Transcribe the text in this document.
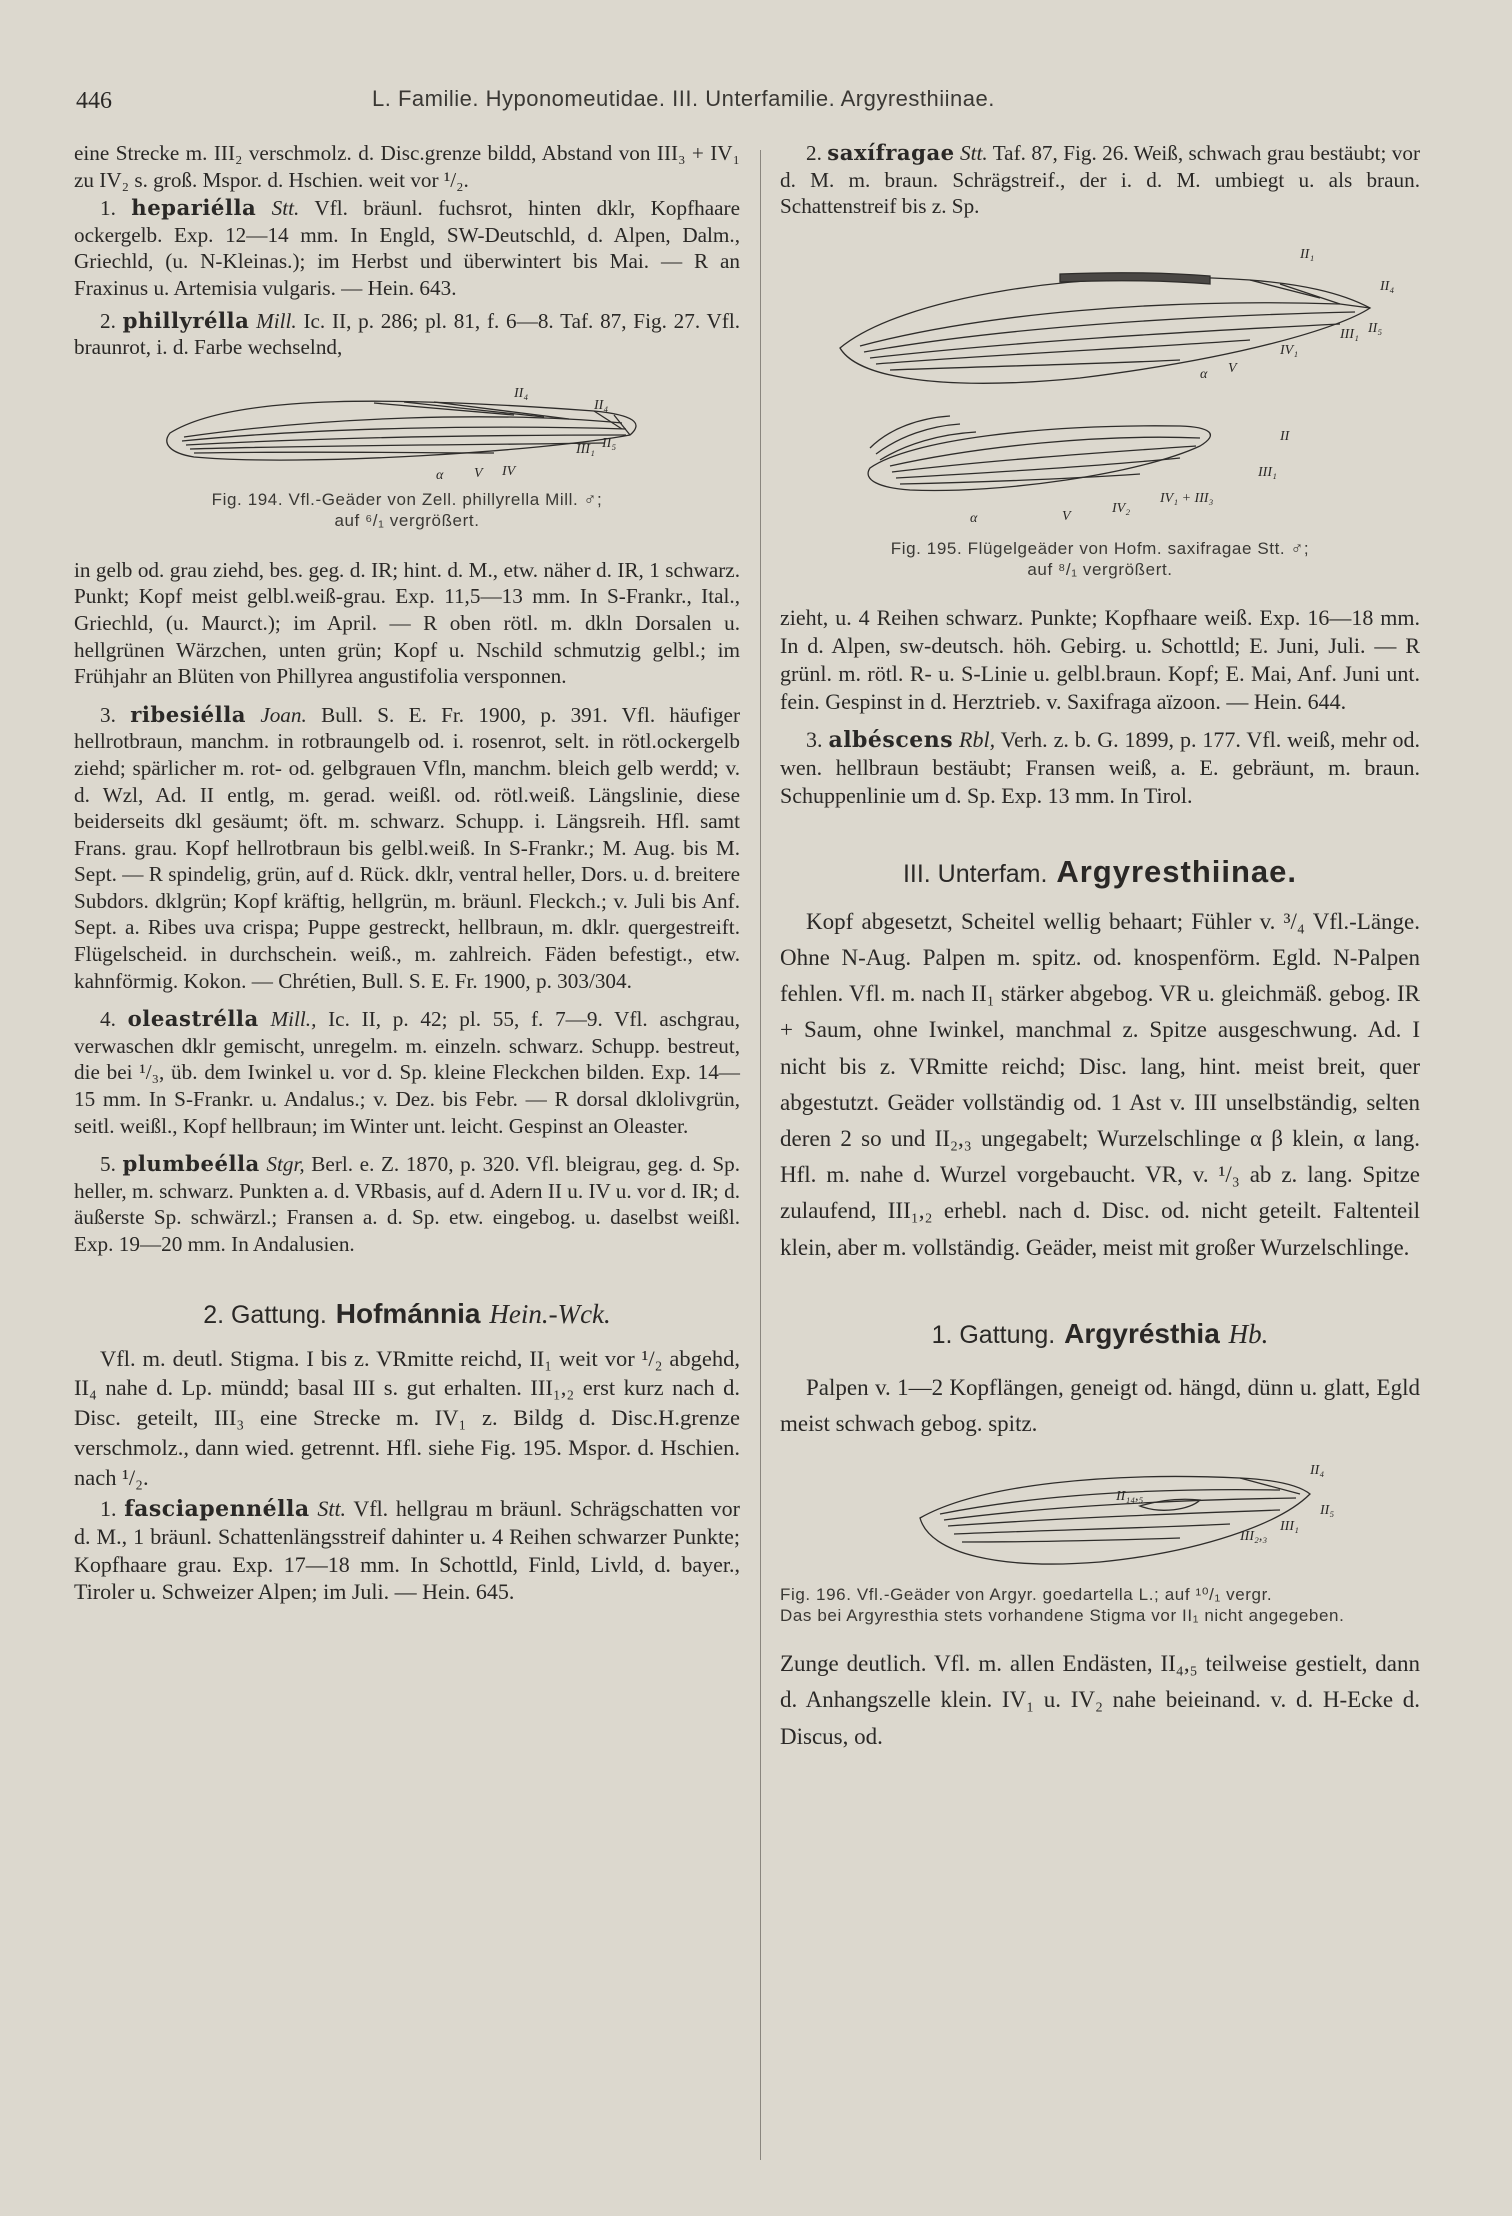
446	L. Familie. Hyponomeutidae. III. Unterfamilie. Argyresthiinae.

eine Strecke m. III₂ verschmolz. d. Disc.grenze bildd, Abstand von III₃ + IV₁ zu IV₂ s. groß. Mspor. d. Hschien. weit vor ¹/₂.

1. hepariélla Stt. Vfl. bräunl. fuchsrot, hinten dklr, Kopfhaare ockergelb. Exp. 12—14 mm. In Engld, SW-Deutschld, d. Alpen, Dalm., Griechld, (u. N-Kleinas.); im Herbst und überwintert bis Mai. — R an Fraxinus u. Artemisia vulgaris. — Hein. 643.

2. phillyrélla Mill. Ic. II, p. 286; pl. 81, f. 6—8. Taf. 87, Fig. 27. Vfl. braunrot, i. d. Farbe wechselnd,

II₄
II₄
III₁ II₅
α V IV
Fig. 194. Vfl.-Geäder von Zell. phillyrella Mill. ♂;
auf ⁶/₁ vergrößert.

in gelb od. grau ziehd, bes. geg. d. IR; hint. d. M., etw. näher d. IR, 1 schwarz. Punkt; Kopf meist gelbl.weiß-grau. Exp. 11,5—13 mm. In S-Frankr., Ital., Griechld, (u. Maurct.); im April. — R oben rötl. m. dkln Dorsalen u. hellgrünen Wärzchen, unten grün; Kopf u. Nschild schmutzig gelbl.; im Frühjahr an Blüten von Phillyrea angustifolia versponnen.

3. ribesiélla Joan. Bull. S. E. Fr. 1900, p. 391. Vfl. häufiger hellrotbraun, manchm. in rotbraungelb od. i. rosenrot, selt. in rötl.ockergelb ziehd; spärlicher m. rot- od. gelbgrauen Vfln, manchm. bleich gelb werdd; v. d. Wzl, Ad. II entlg, m. gerad. weißl. od. rötl.weiß. Längslinie, diese beiderseits dkl gesäumt; öft. m. schwarz. Schupp. i. Längsreih. Hfl. samt Frans. grau. Kopf hellrotbraun bis gelbl.weiß. In S-Frankr.; M. Aug. bis M. Sept. — R spindelig, grün, auf d. Rück. dklr, ventral heller, Dors. u. d. breitere Subdors. dklgrün; Kopf kräftig, hellgrün, m. bräunl. Fleckch.; v. Juli bis Anf. Sept. a. Ribes uva crispa; Puppe gestreckt, hellbraun, m. dklr. quergestreift. Flügelscheid. in durchschein. weiß., m. zahlreich. Fäden befestigt., etw. kahnförmig. Kokon. — Chrétien, Bull. S. E. Fr. 1900, p. 303/304.

4. oleastrélla Mill., Ic. II, p. 42; pl. 55, f. 7—9. Vfl. aschgrau, verwaschen dklr gemischt, unregelm. m. einzeln. schwarz. Schupp. bestreut, die bei ¹/₃, üb. dem Iwinkel u. vor d. Sp. kleine Fleckchen bilden. Exp. 14—15 mm. In S-Frankr. u. Andalus.; v. Dez. bis Febr. — R dorsal dklolivgrün, seitl. weißl., Kopf hellbraun; im Winter unt. leicht. Gespinst an Oleaster.

5. plumbeélla Stgr, Berl. e. Z. 1870, p. 320. Vfl. bleigrau, geg. d. Sp. heller, m. schwarz. Punkten a. d. VRbasis, auf d. Adern II u. IV u. vor d. IR; d. äußerste Sp. schwärzl.; Fransen a. d. Sp. etw. eingebog. u. daselbst weißl. Exp. 19—20 mm. In Andalusien.

2. Gattung. Hofmánnia Hein.-Wck.

Vfl. m. deutl. Stigma. I bis z. VRmitte reichd, II₁ weit vor ¹/₂ abgehd, II₄ nahe d. Lp. mündd; basal III s. gut erhalten. III₁,₂ erst kurz nach d. Disc. geteilt, III₃ eine Strecke m. IV₁ z. Bildg d. Disc.H.grenze verschmolz., dann wied. getrennt. Hfl. siehe Fig. 195. Mspor. d. Hschien. nach ¹/₂.

1. fasciapennélla Stt. Vfl. hellgrau m bräunl. Schrägschatten vor d. M., 1 bräunl. Schattenlängsstreif dahinter u. 4 Reihen schwarzer Punkte; Kopfhaare grau. Exp. 17—18 mm. In Schottld, Finld, Livld, d. bayer., Tiroler u. Schweizer Alpen; im Juli. — Hein. 645.

2. saxífragae Stt. Taf. 87, Fig. 26. Weiß, schwach grau bestäubt; vor d. M. m. braun. Schrägstreif., der i. d. M. umbiegt u. als braun. Schattenstreif bis z. Sp.

II₁
II₄
III₁ II₅
IV₁
α V
II
III₁
IV₁ + III₃
IV₂
α	V
Fig. 195. Flügelgeäder von Hofm. saxifragae Stt. ♂;
auf ⁸/₁ vergrößert.

zieht, u. 4 Reihen schwarz. Punkte; Kopfhaare weiß. Exp. 16—18 mm. In d. Alpen, sw-deutsch. höh. Gebirg. u. Schottld; E. Juni, Juli. — R grünl. m. rötl. R- u. S-Linie u. gelbl.braun. Kopf; E. Mai, Anf. Juni unt. fein. Gespinst in d. Herztrieb. v. Saxifraga aïzoon. — Hein. 644.

3. albéscens Rbl, Verh. z. b. G. 1899, p. 177. Vfl. weiß, mehr od. wen. hellbraun bestäubt; Fransen weiß, a. E. gebräunt, m. braun. Schuppenlinie um d. Sp. Exp. 13 mm. In Tirol.

III. Unterfam. Argyresthiinae.

Kopf abgesetzt, Scheitel wellig behaart; Fühler v. ³/₄ Vfl.-Länge. Ohne N-Aug. Palpen m. spitz. od. knospenförm. Egld. N-Palpen fehlen. Vfl. m. nach II₁ stärker abgebog. VR u. gleichmäß. gebog. IR + Saum, ohne Iwinkel, manchmal z. Spitze ausgeschwung. Ad. I nicht bis z. VRmitte reichd; Disc. lang, hint. meist breit, quer abgestutzt. Geäder vollständig od. 1 Ast v. III unselbständig, selten deren 2 so und II₂,₃ ungegabelt; Wurzelschlinge α β klein, α lang. Hfl. m. nahe d. Wurzel vorgebaucht. VR, v. ¹/₃ ab z. lang. Spitze zulaufend, III₁,₂ erhebl. nach d. Disc. od. nicht geteilt. Faltenteil klein, aber m. vollständig. Geäder, meist mit großer Wurzelschlinge.

1. Gattung. Argyrésthia Hb.

Palpen v. 1—2 Kopflängen, geneigt od. hängd, dünn u. glatt, Egld meist schwach gebog. spitz.

II₄
II₁₄,₅
II₅
III₁
III₂,₃
Fig. 196. Vfl.-Geäder von Argyr. goedartella L.; auf ¹⁰/₁ vergr.
Das bei Argyresthia stets vorhandene Stigma vor II₁ nicht angegeben.

Zunge deutlich. Vfl. m. allen Endästen, II₄,₅ teilweise gestielt, dann d. Anhangszelle klein. IV₁ u. IV₂ nahe beieinand. v. d. H-Ecke d. Discus, od.
